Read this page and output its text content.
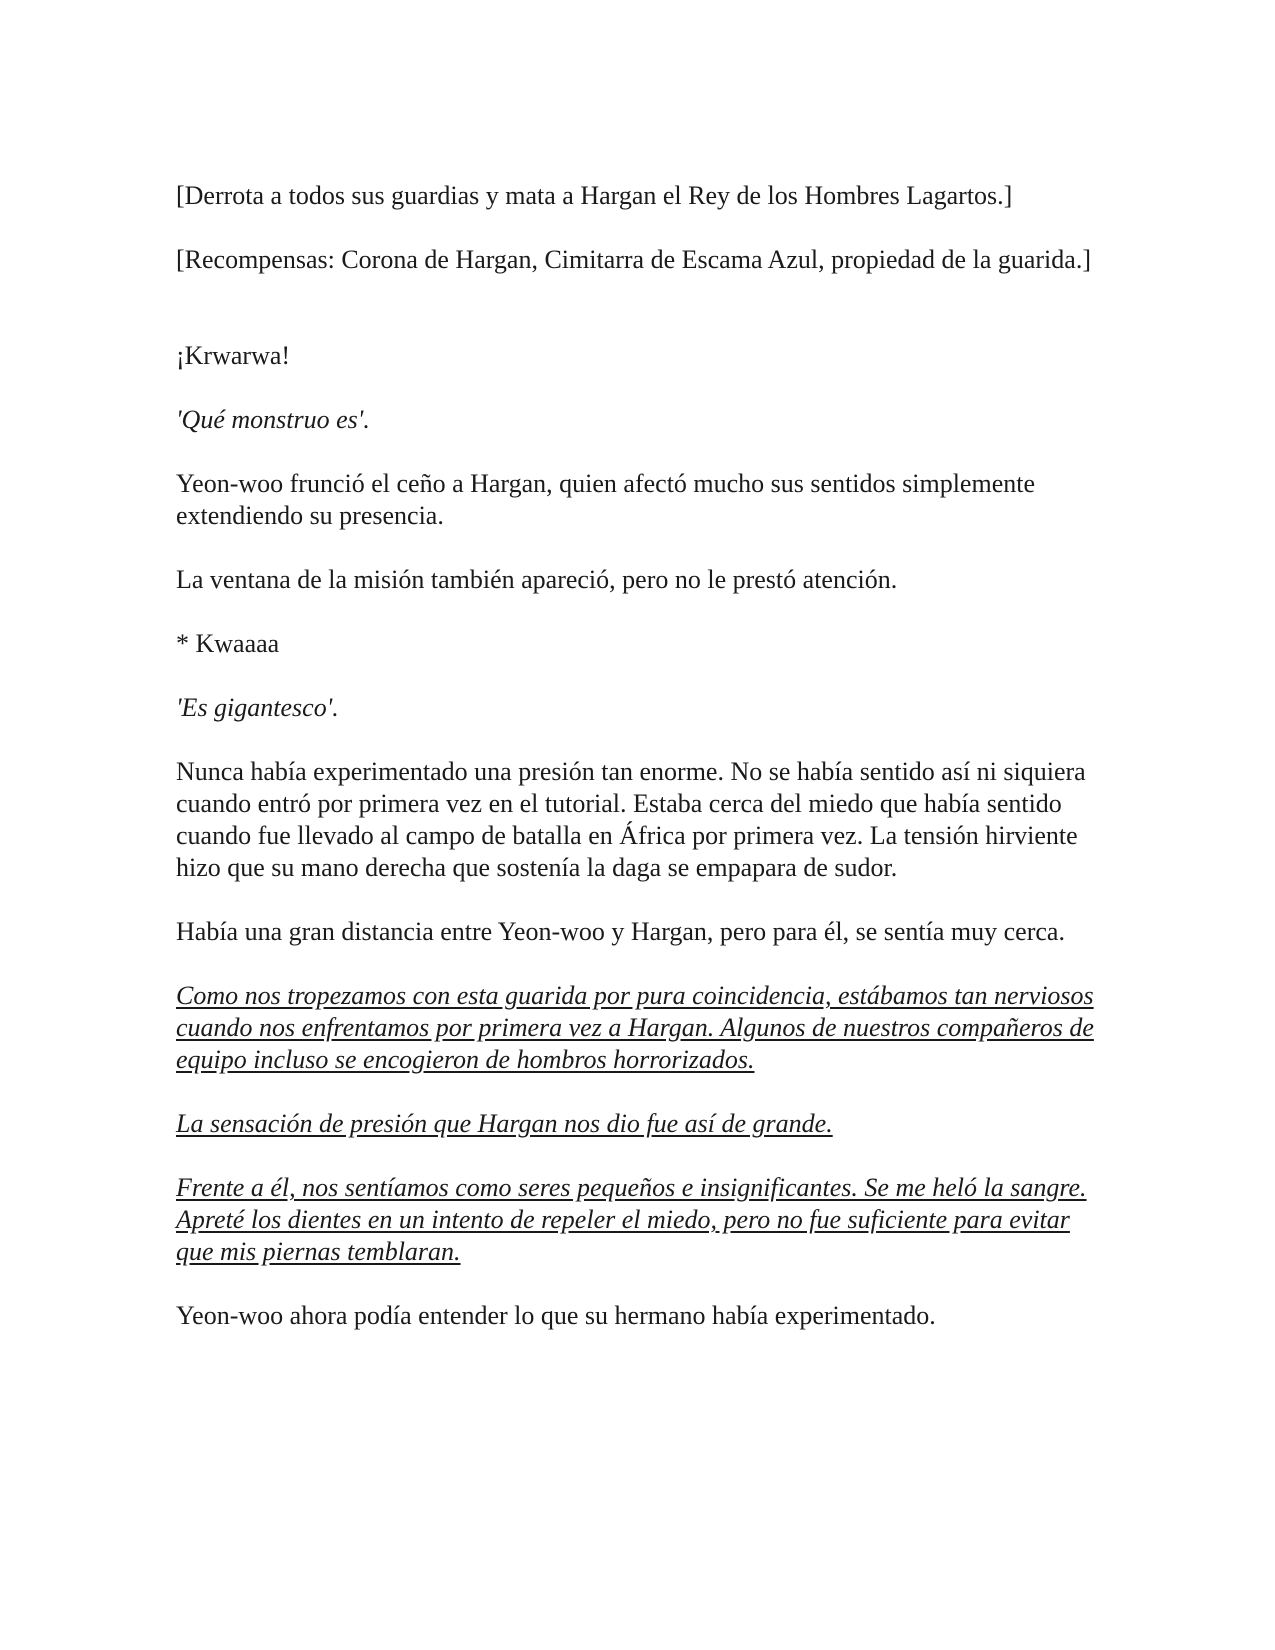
[Derrota a todos sus guardias y mata a Hargan el Rey de los Hombres Lagartos.]

[Recompensas: Corona de Hargan, Cimitarra de Escama Azul, propiedad de la guarida.]

¡Krwarwa!

'Qué monstruo es'.

Yeon-woo frunció el ceño a Hargan, quien afectó mucho sus sentidos simplemente extendiendo su presencia.

La ventana de la misión también apareció, pero no le prestó atención.

* Kwaaaa

'Es gigantesco'.

Nunca había experimentado una presión tan enorme. No se había sentido así ni siquiera cuando entró por primera vez en el tutorial. Estaba cerca del miedo que había sentido cuando fue llevado al campo de batalla en África por primera vez. La tensión hirviente hizo que su mano derecha que sostenía la daga se empapara de sudor.

Había una gran distancia entre Yeon-woo y Hargan, pero para él, se sentía muy cerca.

Como nos tropezamos con esta guarida por pura coincidencia, estábamos tan nerviosos cuando nos enfrentamos por primera vez a Hargan. Algunos de nuestros compañeros de equipo incluso se encogieron de hombros horrorizados.

La sensación de presión que Hargan nos dio fue así de grande.

Frente a él, nos sentíamos como seres pequeños e insignificantes. Se me heló la sangre. Apreté los dientes en un intento de repeler el miedo, pero no fue suficiente para evitar que mis piernas temblaran.

Yeon-woo ahora podía entender lo que su hermano había experimentado.
